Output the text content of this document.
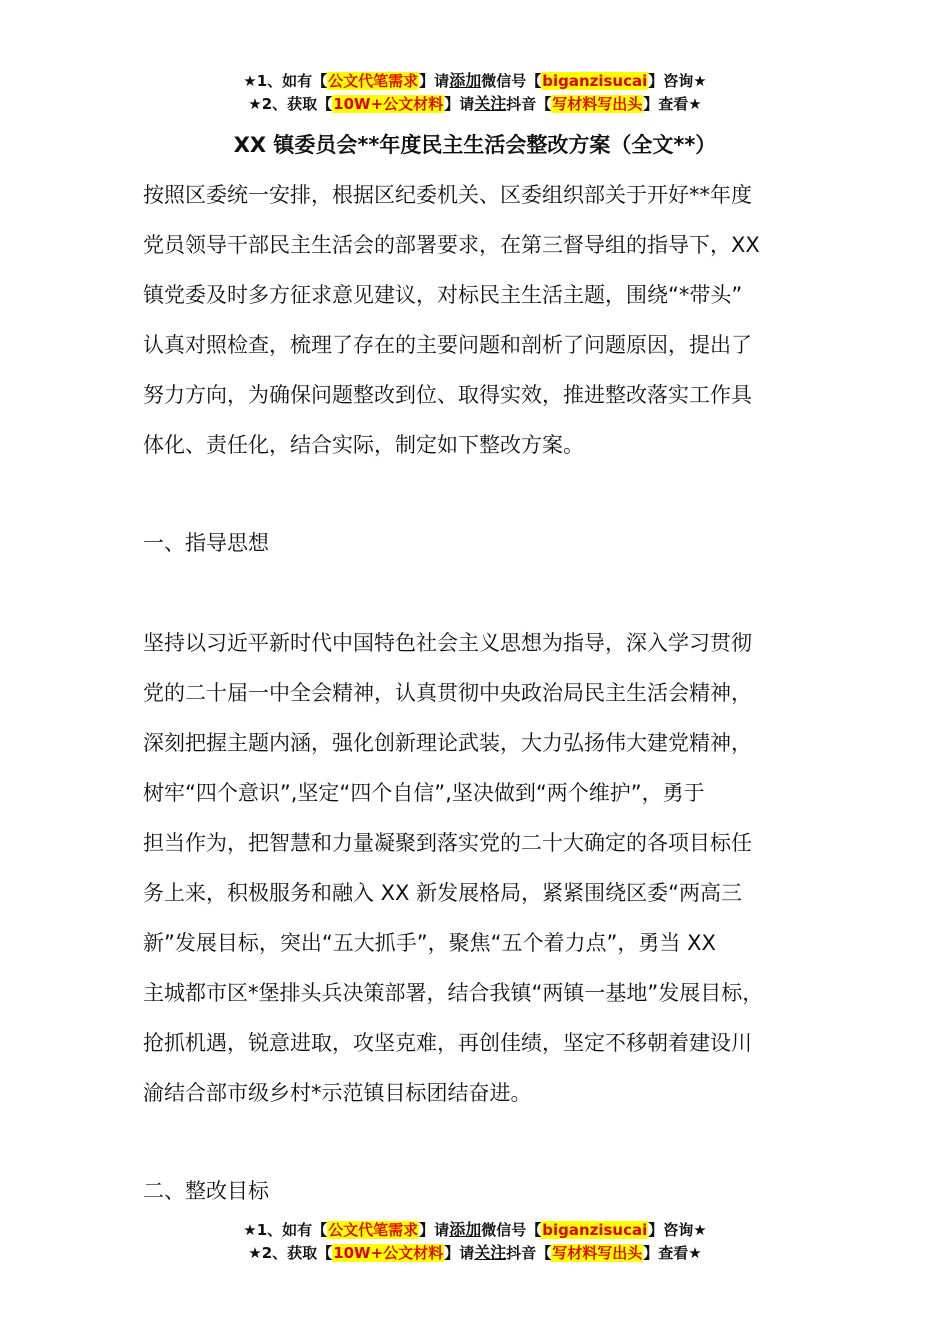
★1、如有【公文代笔需求】请添加微信号【biganzisucai】咨询★
★2、获取【10W+公文材料】请关注抖音【写材料写出头】查看★
XX 镇委员会**年度民主生活会整改方案（全文**）
按照区委统一安排，根据区纪委机关、区委组织部关于开好**年度
党员领导干部民主生活会的部署要求，在第三督导组的指导下，XX
镇党委及时多方征求意见建议，对标民主生活主题，围绕“*带头”
认真对照检查，梳理了存在的主要问题和剖析了问题原因，提出了
努力方向，为确保问题整改到位、取得实效，推进整改落实工作具
体化、责任化，结合实际，制定如下整改方案。
一、指导思想
坚持以习近平新时代中国特色社会主义思想为指导，深入学习贯彻
党的二十届一中全会精神，认真贯彻中央政治局民主生活会精神，
深刻把握主题内涵，强化创新理论武装，大力弘扬伟大建党精神，
树牢“四个意识”,坚定“四个自信”,坚决做到“两个维护”，勇于
担当作为，把智慧和力量凝聚到落实党的二十大确定的各项目标任
务上来，积极服务和融入 XX 新发展格局，紧紧围绕区委“两高三
新”发展目标，突出“五大抓手”，聚焦“五个着力点”，勇当 XX
主城都市区*堡排头兵决策部署，结合我镇“两镇一基地”发展目标，
抢抓机遇，锐意进取，攻坚克难，再创佳绩，坚定不移朝着建设川
渝结合部市级乡村*示范镇目标团结奋进。
二、整改目标
★1、如有【公文代笔需求】请添加微信号【biganzisucai】咨询★
★2、获取【10W+公文材料】请关注抖音【写材料写出头】查看★
